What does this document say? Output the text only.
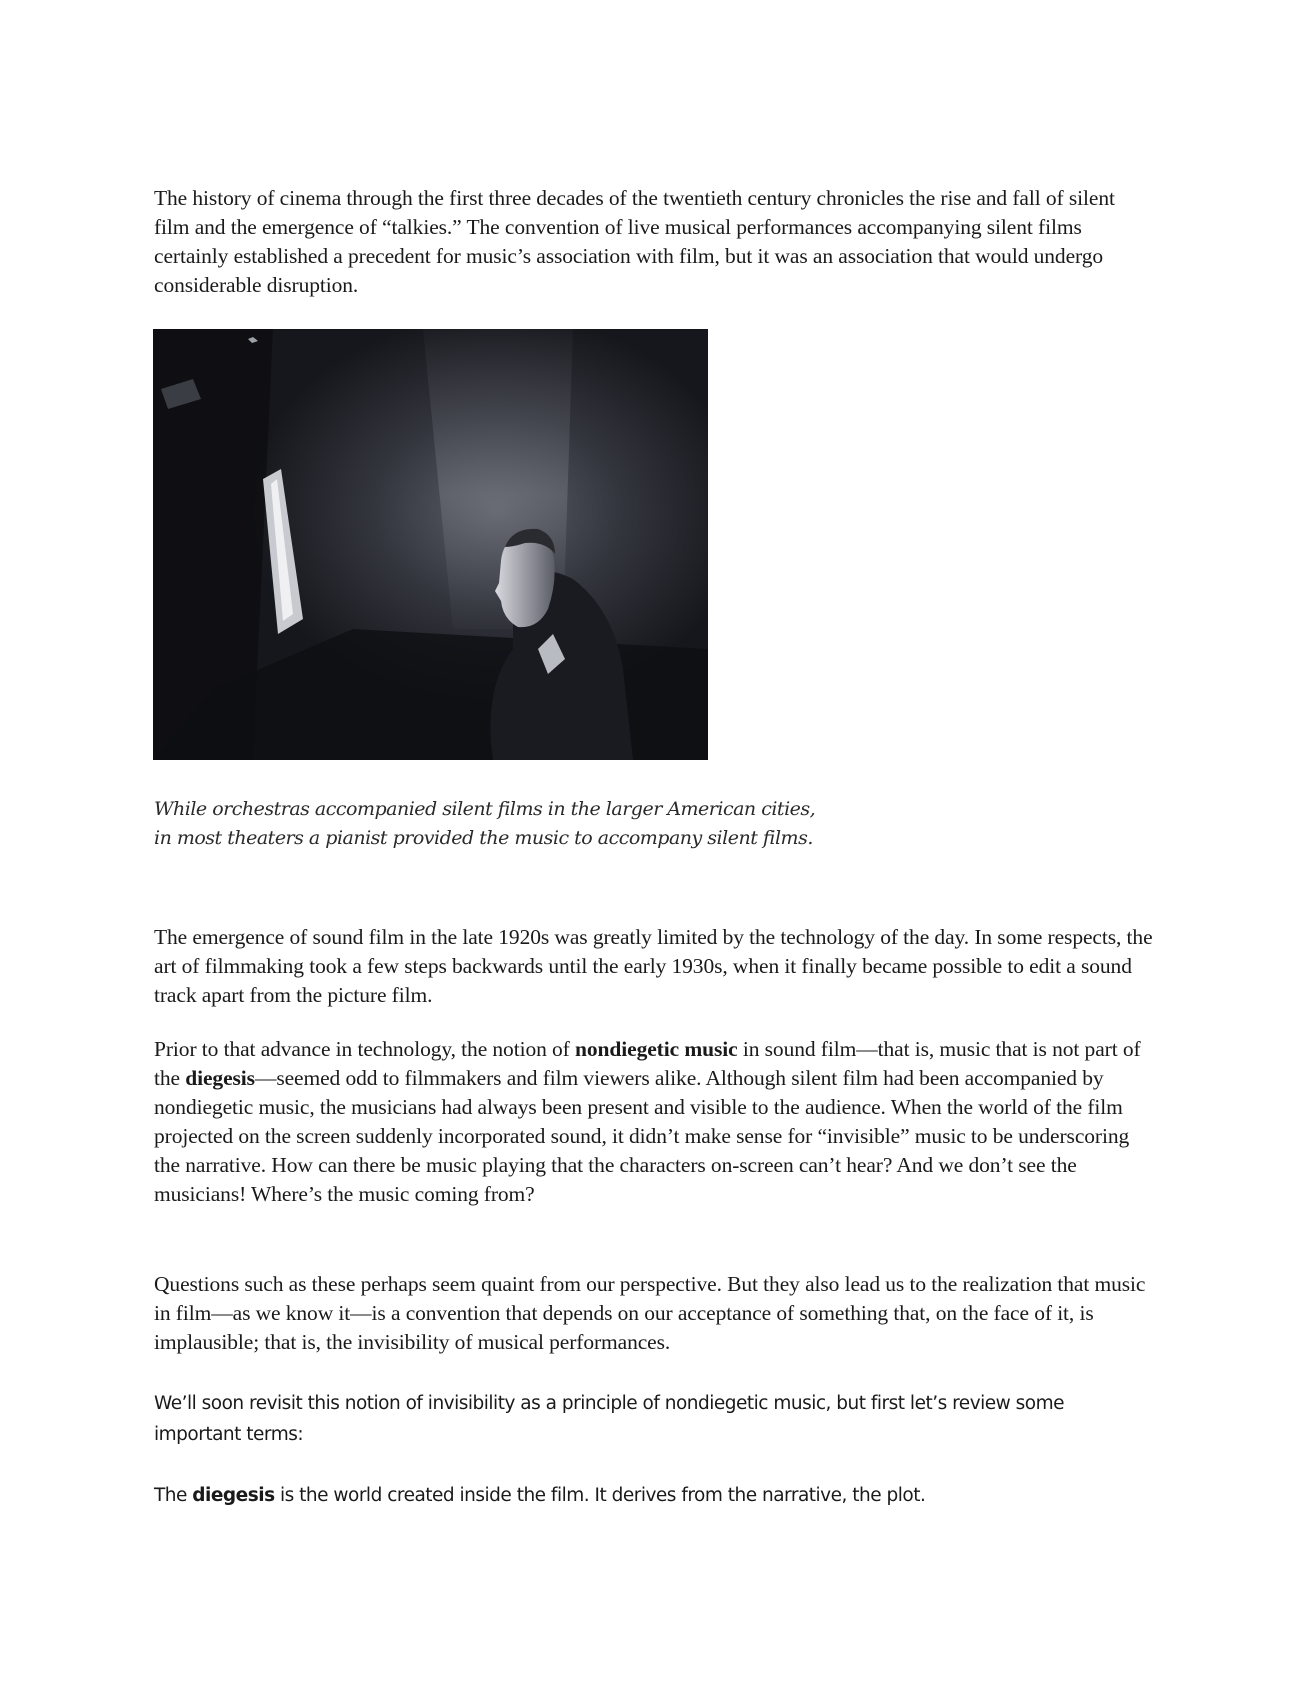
The history of cinema through the first three decades of the twentieth century chronicles the rise and fall of silent film and the emergence of “talkies.” The convention of live musical performances accompanying silent films certainly established a precedent for music’s association with film, but it was an association that would undergo considerable disruption.

While orchestras accompanied silent films in the larger American cities,
in most theaters a pianist provided the music to accompany silent films.

The emergence of sound film in the late 1920s was greatly limited by the technology of the day. In some respects, the art of filmmaking took a few steps backwards until the early 1930s, when it finally became possible to edit a sound track apart from the picture film.

Prior to that advance in technology, the notion of nondiegetic music in sound film—that is, music that is not part of the diegesis—seemed odd to filmmakers and film viewers alike. Although silent film had been accompanied by nondiegetic music, the musicians had always been present and visible to the audience. When the world of the film projected on the screen suddenly incorporated sound, it didn’t make sense for “invisible” music to be underscoring the narrative. How can there be music playing that the characters on-screen can’t hear? And we don’t see the musicians! Where’s the music coming from?

Questions such as these perhaps seem quaint from our perspective. But they also lead us to the realization that music in film—as we know it—is a convention that depends on our acceptance of something that, on the face of it, is implausible; that is, the invisibility of musical performances.

We’ll soon revisit this notion of invisibility as a principle of nondiegetic music, but first let’s review some important terms:

The diegesis is the world created inside the film. It derives from the narrative, the plot.
